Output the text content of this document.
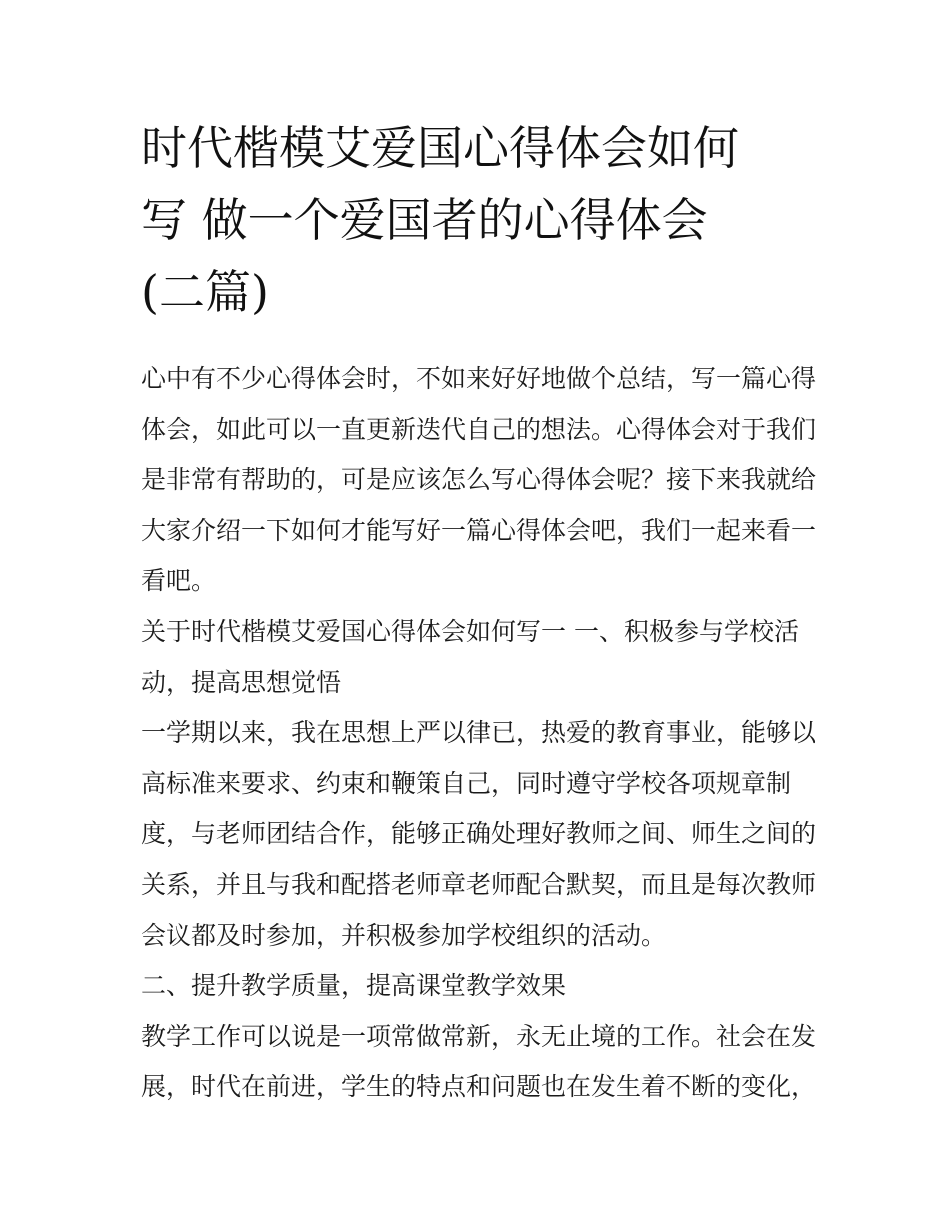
时代楷模艾爱国心得体会如何
写 做一个爱国者的心得体会
(二篇)
心中有不少心得体会时，不如来好好地做个总结，写一篇心得
体会，如此可以一直更新迭代自己的想法。心得体会对于我们
是非常有帮助的，可是应该怎么写心得体会呢？接下来我就给
大家介绍一下如何才能写好一篇心得体会吧，我们一起来看一
看吧。
关于时代楷模艾爱国心得体会如何写一 一、积极参与学校活
动，提高思想觉悟
一学期以来，我在思想上严以律已，热爱的教育事业，能够以
高标准来要求、约束和鞭策自己，同时遵守学校各项规章制
度，与老师团结合作，能够正确处理好教师之间、师生之间的
关系，并且与我和配搭老师章老师配合默契，而且是每次教师
会议都及时参加，并积极参加学校组织的活动。
二、提升教学质量，提高课堂教学效果
教学工作可以说是一项常做常新，永无止境的工作。社会在发
展，时代在前进，学生的特点和问题也在发生着不断的变化，
